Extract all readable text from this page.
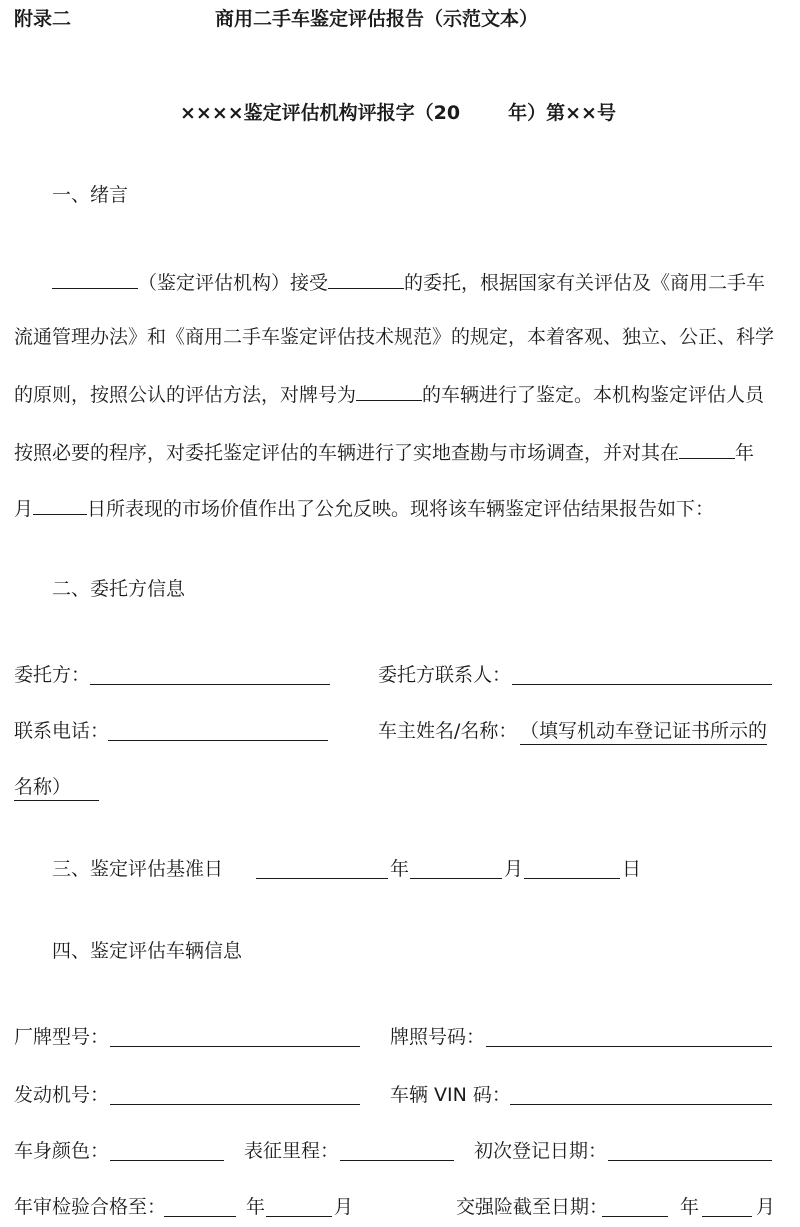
附录二	商用二手车鉴定评估报告（示范文本）
××××鉴定评估机构评报字（20	年）第××号
一、绪言
（鉴定评估机构）接受	的委托，根据国家有关评估及《商用二手车
流通管理办法》和《商用二手车鉴定评估技术规范》的规定，本着客观、独立、公正、科学
的原则，按照公认的评估方法，对牌号为	的车辆进行了鉴定。本机构鉴定评估人员
按照必要的程序，对委托鉴定评估的车辆进行了实地查勘与市场调查，并对其在	年
月	日所表现的市场价值作出了公允反映。现将该车辆鉴定评估结果报告如下：
二、委托方信息
委托方：	委托方联系人：
联系电话：	车主姓名/名称： （填写机动车登记证书所示的
名称）
三、鉴定评估基准日	年	月	日
四、鉴定评估车辆信息
厂牌型号：	牌照号码：
发动机号：	车辆 VIN 码：
车身颜色：	表征里程：	初次登记日期：
年审检验合格至：	年	月	交强险截至日期：	年	月
